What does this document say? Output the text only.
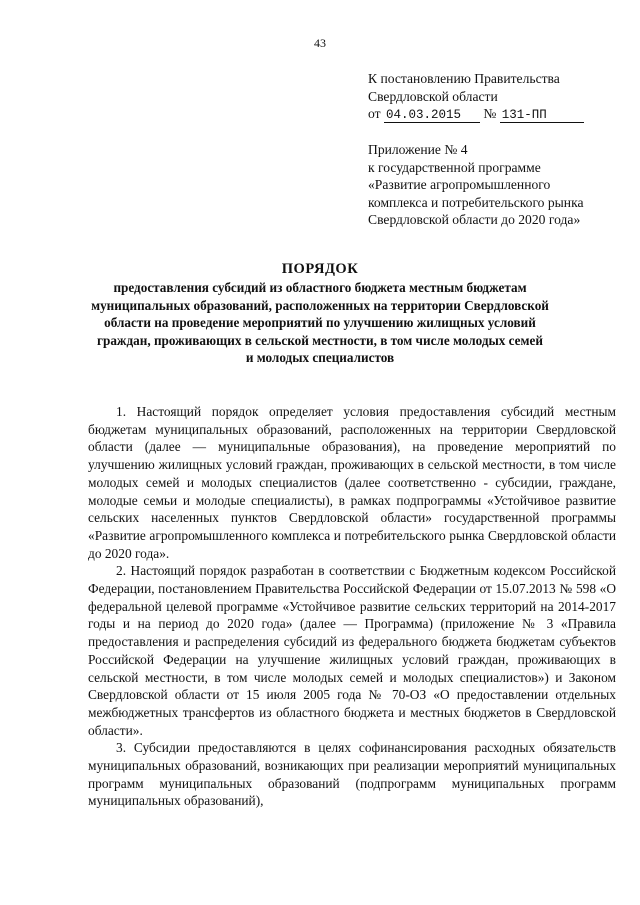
43
К постановлению Правительства
Свердловской области
от 04.03.2015 № 131-ПП
Приложение № 4
к государственной программе
«Развитие агропромышленного
комплекса и потребительского рынка
Свердловской области до 2020 года»
ПОРЯДОК
предоставления субсидий из областного бюджета местным бюджетам
муниципальных образований, расположенных на территории Свердловской
области на проведение мероприятий по улучшению жилищных условий
граждан, проживающих в сельской местности, в том числе молодых семей
и молодых специалистов

1. Настоящий порядок определяет условия предоставления субсидий местным бюджетам муниципальных образований, расположенных на территории Свердловской области (далее — муниципальные образования), на проведение мероприятий по улучшению жилищных условий граждан, проживающих в сельской местности, в том числе молодых семей и молодых специалистов (далее соответственно - субсидии, граждане, молодые семьи и молодые специалисты), в рамках подпрограммы «Устойчивое развитие сельских населенных пунктов Свердловской области» государственной программы «Развитие агропромышленного комплекса и потребительского рынка Свердловской области до 2020 года».

2. Настоящий порядок разработан в соответствии с Бюджетным кодексом Российской Федерации, постановлением Правительства Российской Федерации от 15.07.2013 № 598 «О федеральной целевой программе «Устойчивое развитие сельских территорий на 2014-2017 годы и на период до 2020 года» (далее — Программа) (приложение № 3 «Правила предоставления и распределения субсидий из федерального бюджета бюджетам субъектов Российской Федерации на улучшение жилищных условий граждан, проживающих в сельской местности, в том числе молодых семей и молодых специалистов») и Законом Свердловской области от 15 июля 2005 года № 70-ОЗ «О предоставлении отдельных межбюджетных трансфертов из областного бюджета и местных бюджетов в Свердловской области».

3. Субсидии предоставляются в целях софинансирования расходных обязательств муниципальных образований, возникающих при реализации мероприятий муниципальных программ муниципальных образований (подпрограмм муниципальных программ муниципальных образований),
